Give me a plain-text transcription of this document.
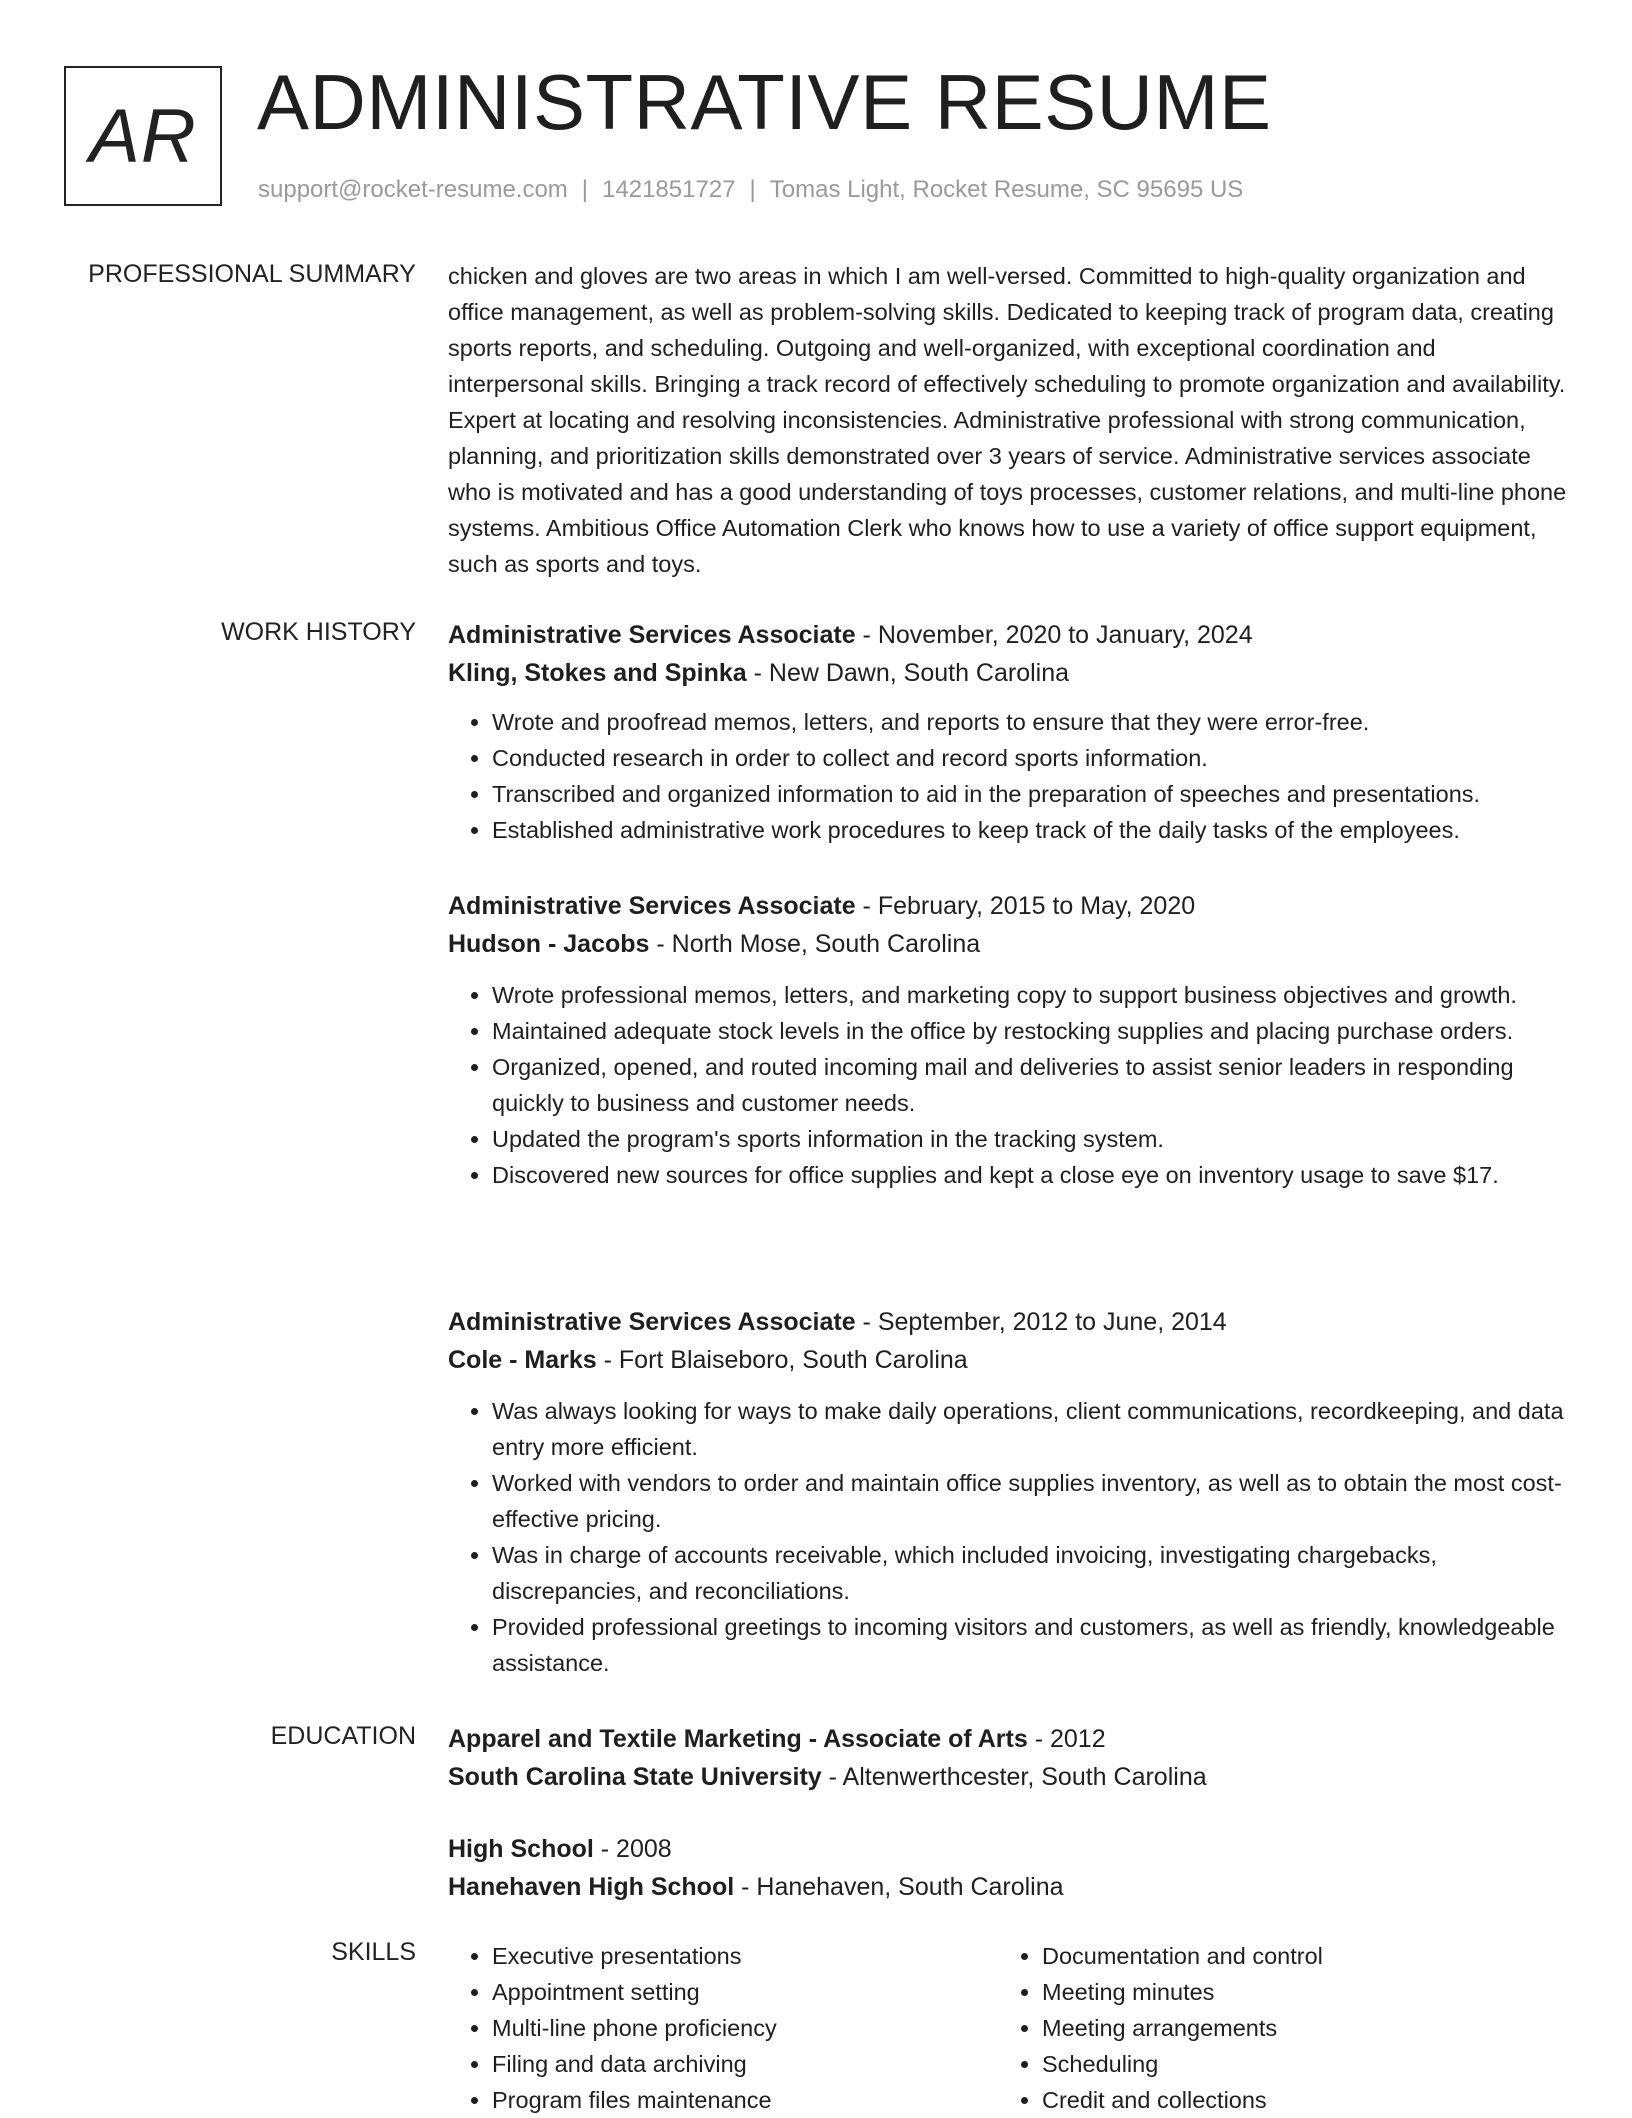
AR ADMINISTRATIVE RESUME
support@rocket-resume.com | 1421851727 | Tomas Light, Rocket Resume, SC 95695 US
PROFESSIONAL SUMMARY chicken and gloves are two areas in which I am well-versed. Committed to high-quality organization and office management, as well as problem-solving skills. Dedicated to keeping track of program data, creating sports reports, and scheduling. Outgoing and well-organized, with exceptional coordination and interpersonal skills. Bringing a track record of effectively scheduling to promote organization and availability. Expert at locating and resolving inconsistencies. Administrative professional with strong communication, planning, and prioritization skills demonstrated over 3 years of service. Administrative services associate who is motivated and has a good understanding of toys processes, customer relations, and multi-line phone systems. Ambitious Office Automation Clerk who knows how to use a variety of office support equipment, such as sports and toys.

WORK HISTORY Administrative Services Associate - November, 2020 to January, 2024
Kling, Stokes and Spinka - New Dawn, South Carolina
• Wrote and proofread memos, letters, and reports to ensure that they were error-free.
• Conducted research in order to collect and record sports information.
• Transcribed and organized information to aid in the preparation of speeches and presentations.
• Established administrative work procedures to keep track of the daily tasks of the employees.
Administrative Services Associate - February, 2015 to May, 2020
Hudson - Jacobs - North Mose, South Carolina
• Wrote professional memos, letters, and marketing copy to support business objectives and growth.
• Maintained adequate stock levels in the office by restocking supplies and placing purchase orders.
• Organized, opened, and routed incoming mail and deliveries to assist senior leaders in responding quickly to business and customer needs.
• Updated the program's sports information in the tracking system.
• Discovered new sources for office supplies and kept a close eye on inventory usage to save $17.
Administrative Services Associate - September, 2012 to June, 2014
Cole - Marks - Fort Blaiseboro, South Carolina
• Was always looking for ways to make daily operations, client communications, recordkeeping, and data entry more efficient.
• Worked with vendors to order and maintain office supplies inventory, as well as to obtain the most cost-effective pricing.
• Was in charge of accounts receivable, which included invoicing, investigating chargebacks, discrepancies, and reconciliations.
• Provided professional greetings to incoming visitors and customers, as well as friendly, knowledgeable assistance.
EDUCATION Apparel and Textile Marketing - Associate of Arts - 2012
South Carolina State University - Altenwerthcester, South Carolina
High School - 2008
Hanehaven High School - Hanehaven, South Carolina
SKILLS
•	Executive presentations
• Appointment setting
• Multi-line phone proficiency
• Filing and data archiving
• Program files maintenance
• Documentation and control
• Meeting minutes
• Meeting arrangements
• Scheduling
• Credit and collections
